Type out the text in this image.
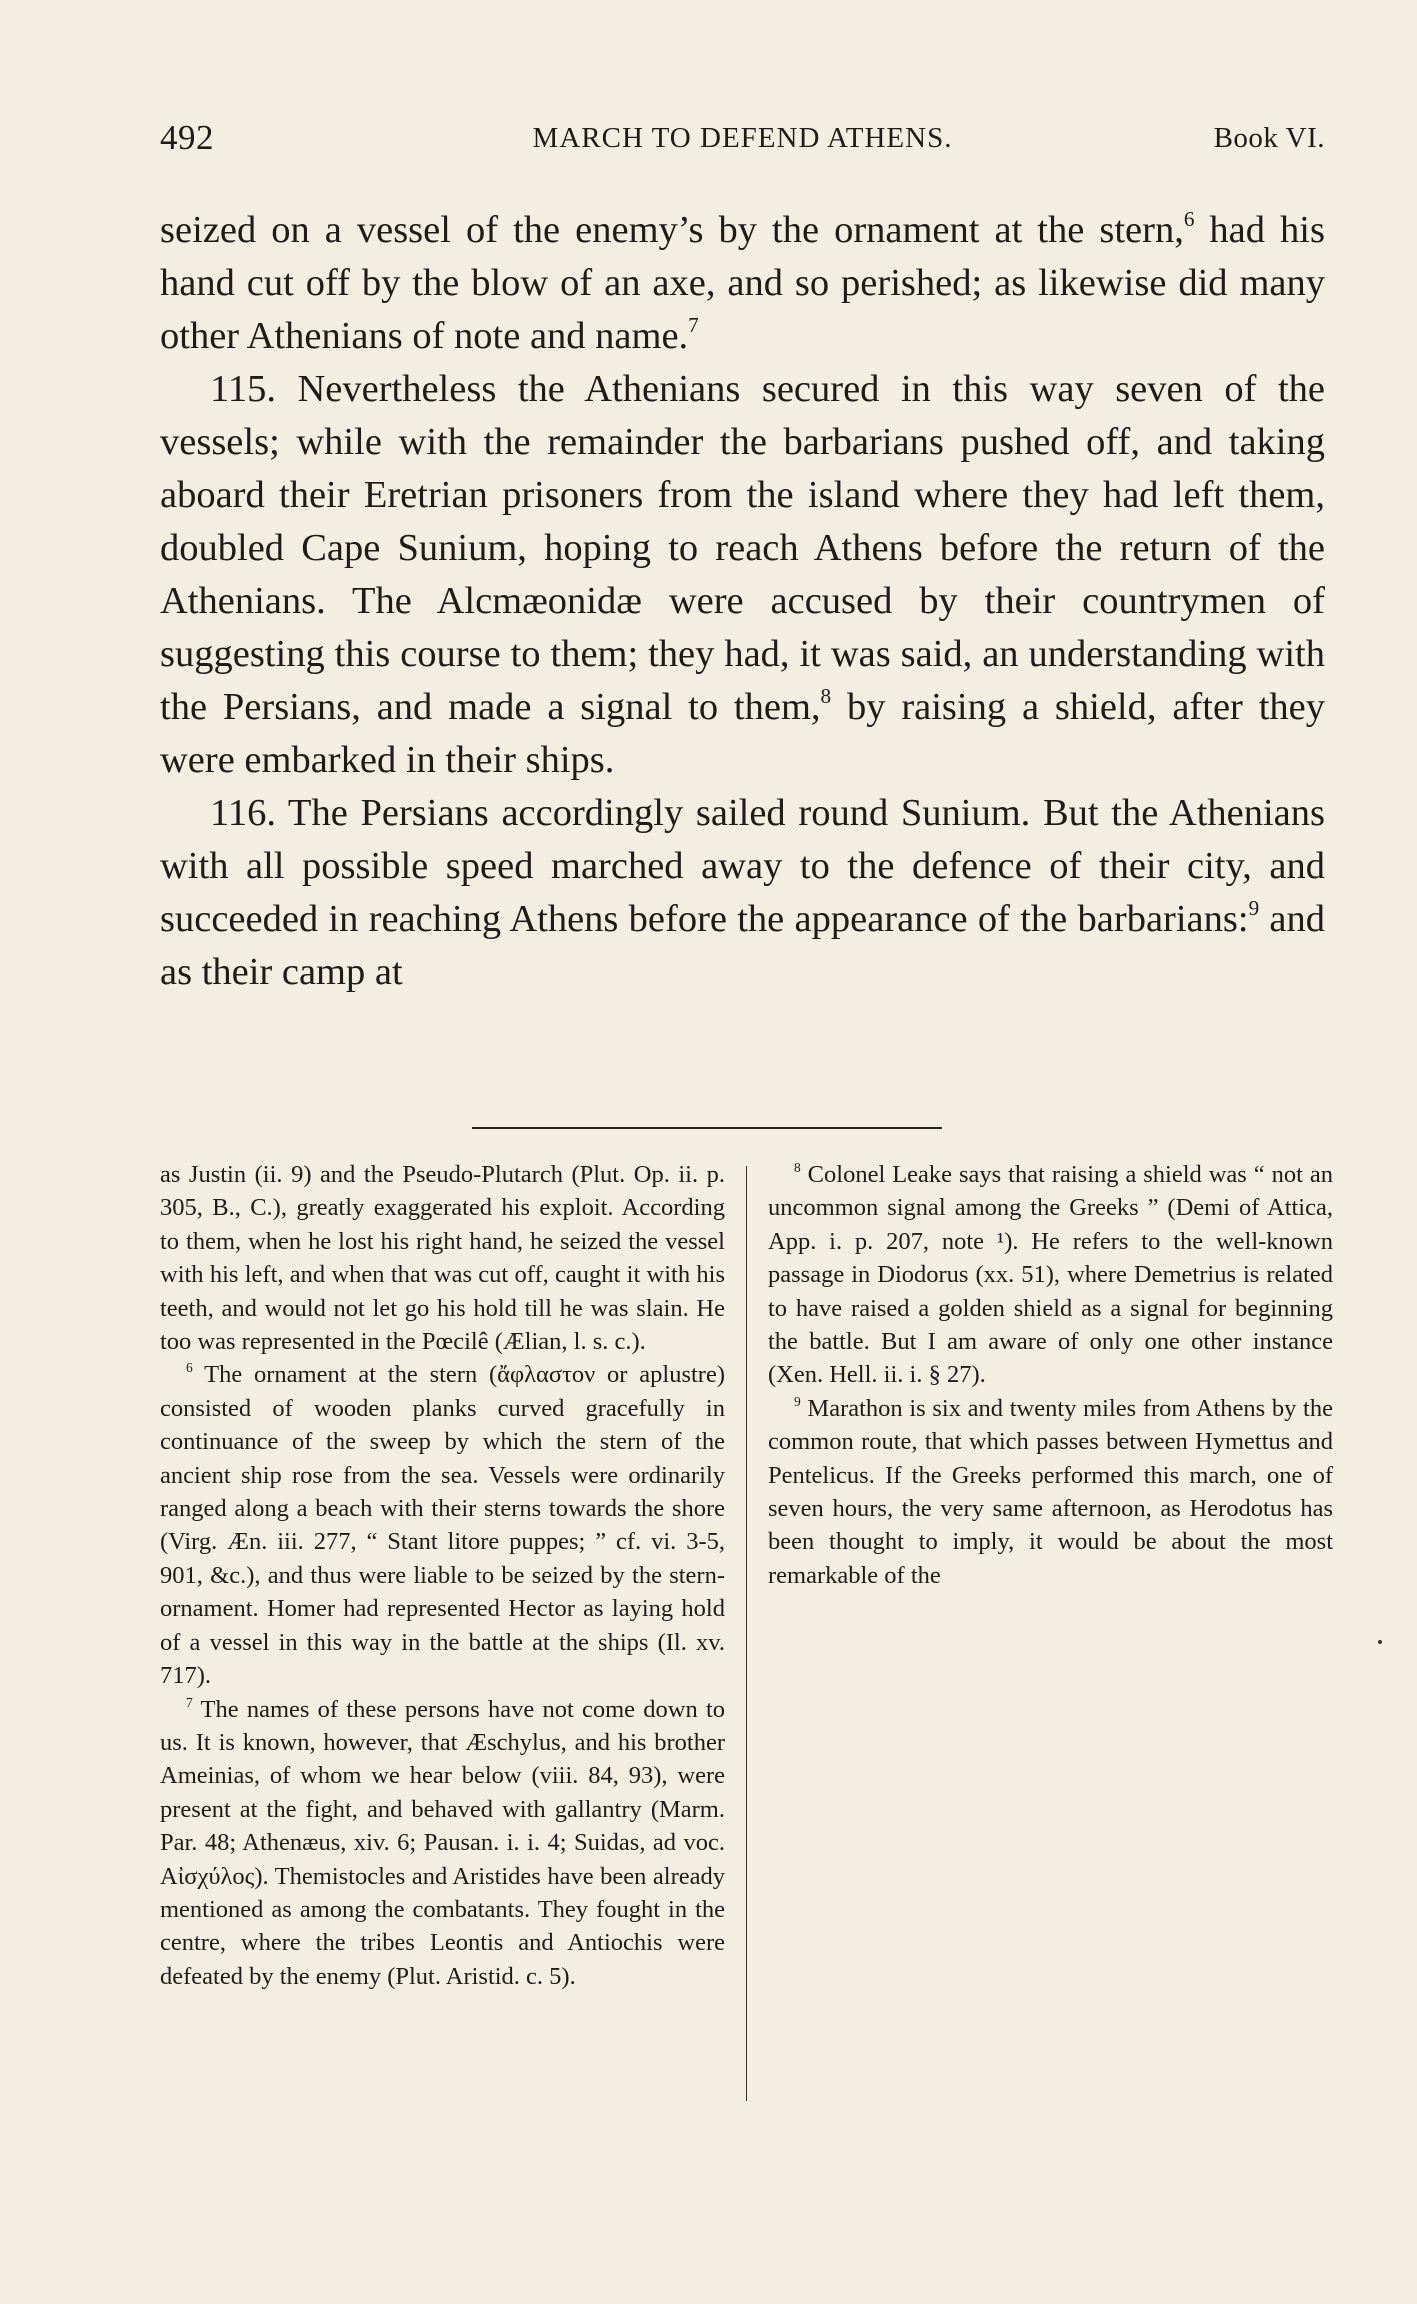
492	MARCH TO DEFEND ATHENS.	Book VI.

seized on a vessel of the enemy’s by the ornament at the stern,$^6$ had his hand cut off by the blow of an axe, and so perished; as likewise did many other Athenians of note and name.$^7$

115. Nevertheless the Athenians secured in this way seven of the vessels; while with the remainder the barbarians pushed off, and taking aboard their Eretrian prisoners from the island where they had left them, doubled Cape Sunium, hoping to reach Athens before the return of the Athenians. The Alcmæonidæ were accused by their countrymen of suggesting this course to them; they had, it was said, an understanding with the Persians, and made a signal to them,$^8$ by raising a shield, after they were embarked in their ships.

116. The Persians accordingly sailed round Sunium. But the Athenians with all possible speed marched away to the defence of their city, and succeeded in reaching Athens before the appearance of the barbarians:$^9$ and as their camp at

as Justin (ii. 9) and the Pseudo-Plutarch (Plut. Op. ii. p. 305, B., C.), greatly exaggerated his exploit. According to them, when he lost his right hand, he seized the vessel with his left, and when that was cut off, caught it with his teeth, and would not let go his hold till he was slain. He too was represented in the Pœcilê (Ælian, l. s. c.).

$^6$ The ornament at the stern (ἄφλαστον or aplustre) consisted of wooden planks curved gracefully in continuance of the sweep by which the stern of the ancient ship rose from the sea. Vessels were ordinarily ranged along a beach with their sterns towards the shore (Virg. Æn. iii. 277, “ Stant litore puppes; ” cf. vi. 3-5, 901, &c.), and thus were liable to be seized by the stern-ornament. Homer had represented Hector as laying hold of a vessel in this way in the battle at the ships (Il. xv. 717).

$^7$ The names of these persons have not come down to us. It is known, however, that Æschylus, and his brother Ameinias, of whom we hear below (viii. 84, 93), were present at the fight, and behaved with gallantry (Marm. Par. 48; Athenæus, xiv. 6; Pausan. i. i. 4; Suidas, ad voc. Αἰσχύλος). Themistocles and Aristides have been already mentioned as among the combatants. They fought in the centre, where the tribes Leontis and Antiochis were defeated by the enemy (Plut. Aristid. c. 5).

$^8$ Colonel Leake says that raising a shield was “ not an uncommon signal among the Greeks ” (Demi of Attica, App. i. p. 207, note ¹). He refers to the well-known passage in Diodorus (xx. 51), where Demetrius is related to have raised a golden shield as a signal for beginning the battle. But I am aware of only one other instance (Xen. Hell. ii. i. § 27).

$^9$ Marathon is six and twenty miles from Athens by the common route, that which passes between Hymettus and Pentelicus. If the Greeks performed this march, one of seven hours, the very same afternoon, as Herodotus has been thought to imply, it would be about the most remarkable of the
